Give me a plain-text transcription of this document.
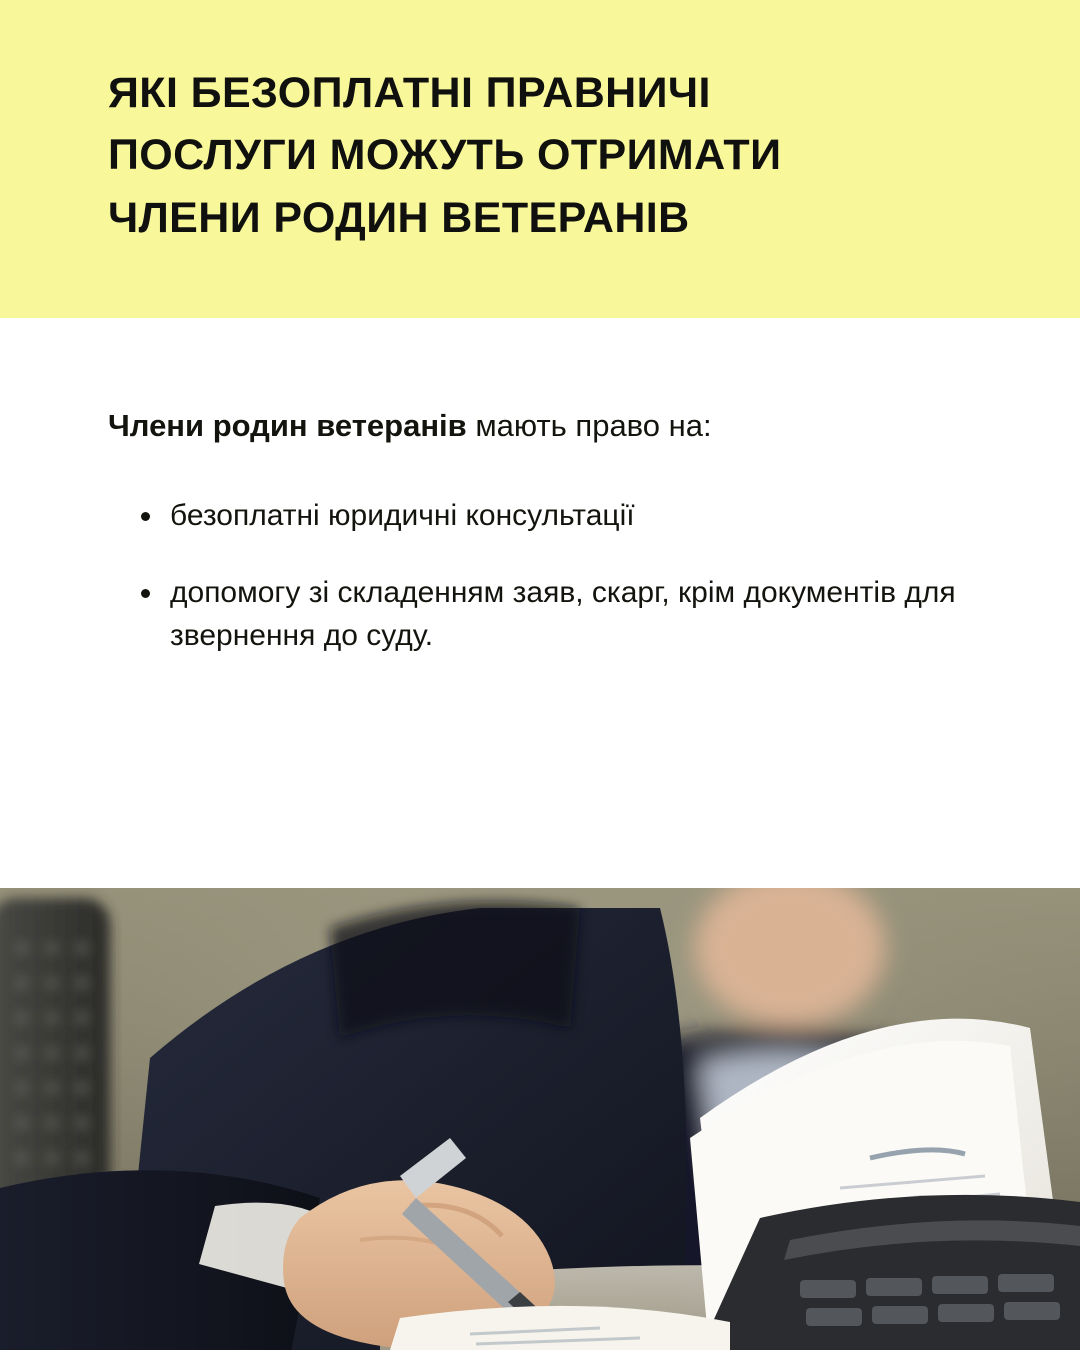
ЯКІ БЕЗОПЛАТНІ ПРАВНИЧІ ПОСЛУГИ МОЖУТЬ ОТРИМАТИ ЧЛЕНИ РОДИН ВЕТЕРАНІВ

Члени родин ветеранів мають право на:

безоплатні юридичні консультації
допомогу зі складенням заяв, скарг, крім документів для звернення до суду.
